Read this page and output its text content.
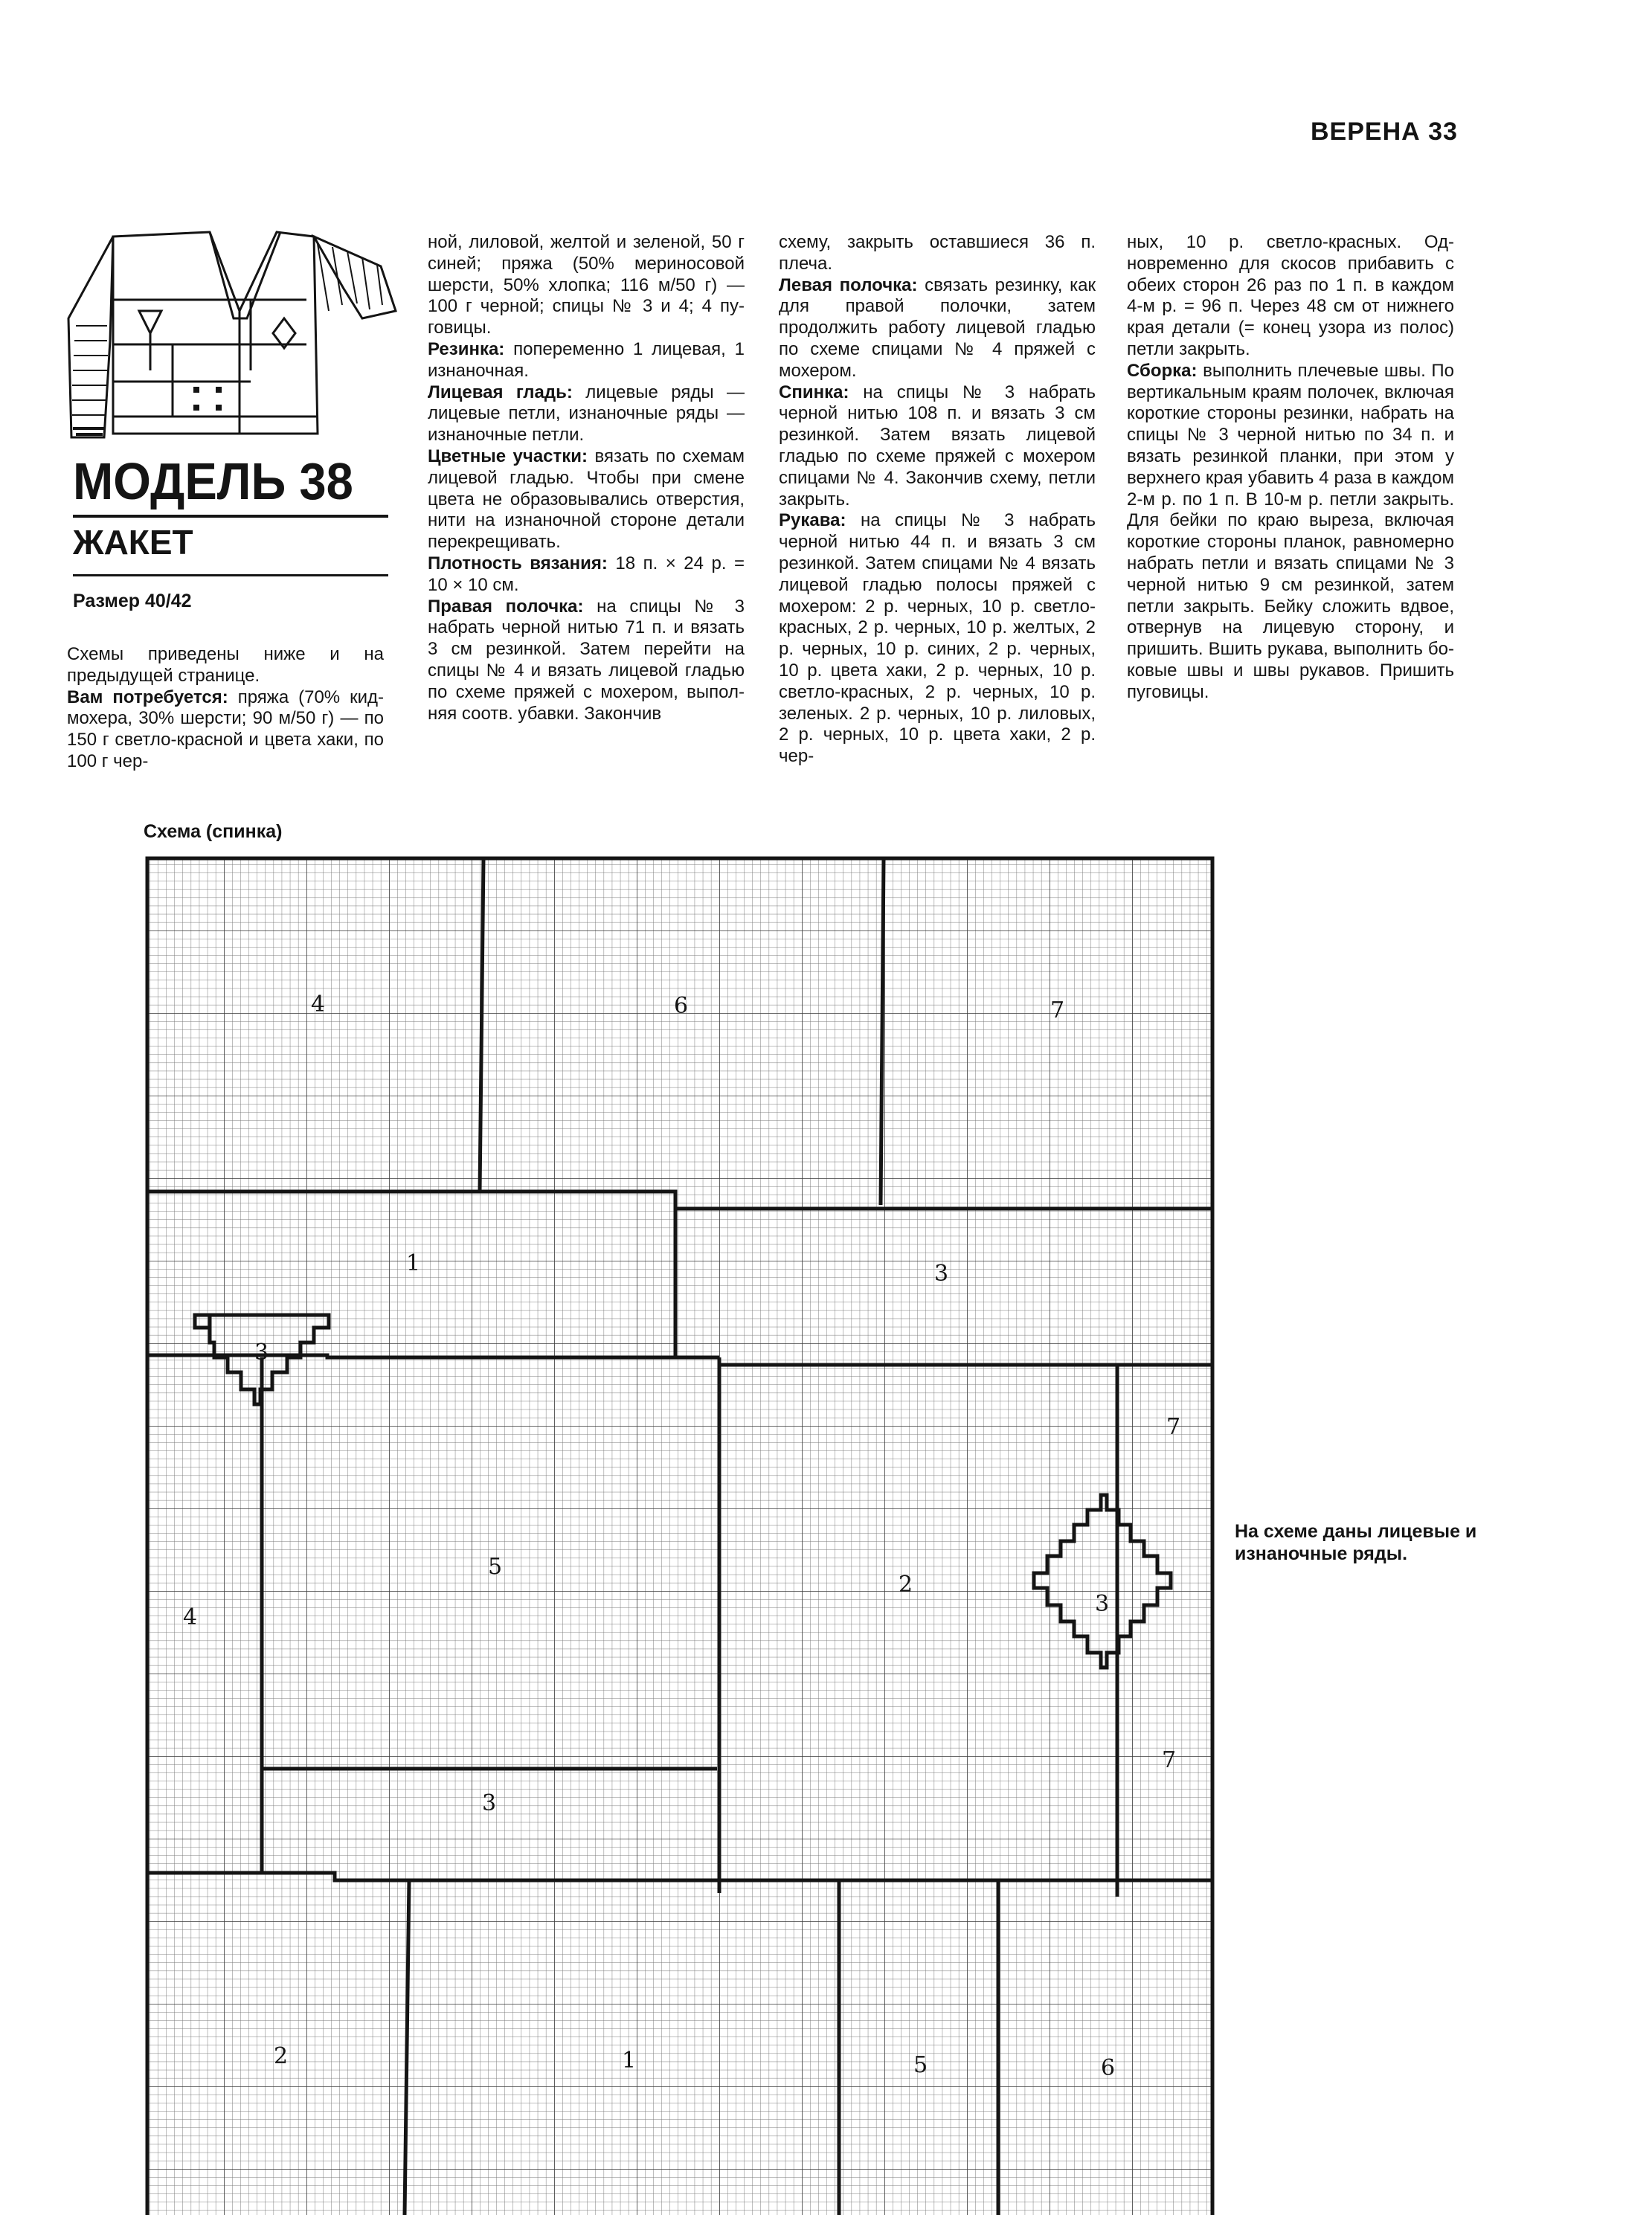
ВЕРЕНА 33
МОДЕЛЬ 38
ЖАКЕТ
Размер 40/42

Схемы приведены ниже и на предыдущей странице.

Вам потребуется: пряжа (70% кид-мохера, 30% шерсти; 90 м/50 г) — по 150 г светло-красной и цвета хаки, по 100 г чер-

ной, лиловой, желтой и зеленой, 50 г синей; пряжа (50% мериносовой шерсти, 50% хлопка; 116 м/50 г) — 100 г черной; спицы № 3 и 4; 4 пуговицы.

Резинка: попеременно 1 лицевая, 1 изнаночная.

Лицевая гладь: лицевые ряды — лицевые петли, изнаночные ряды — изнаночные петли.

Цветные участки: вязать по схемам лицевой гладью. Чтобы при смене цвета не образовывались отверстия, нити на изнаночной стороне детали перекрещивать.

Плотность вязания: 18 п. × 24 р. = 10 × 10 см.

Правая полочка: на спицы № 3 набрать черной нитью 71 п. и вязать 3 см резинкой. Затем перейти на спицы № 4 и вязать лицевой гладью по схеме пряжей с мохером, выполняя соотв. убавки. Закончив

схему, закрыть оставшиеся 36 п. плеча.

Левая полочка: связать резинку, как для правой полочки, затем продолжить работу лицевой гладью по схеме спицами № 4 пряжей с мохером.

Спинка: на спицы № 3 набрать черной нитью 108 п. и вязать 3 см резинкой. Затем вязать лицевой гладью по схеме пряжей с мохером спицами № 4. Закончив схему, петли закрыть.

Рукава: на спицы № 3 набрать черной нитью 44 п. и вязать 3 см резинкой. Затем спицами № 4 вязать лицевой гладью полосы пряжей с мохером: 2 р. черных, 10 р. светло-красных, 2 р. черных, 10 р. желтых, 2 р. черных, 10 р. синих, 2 р. черных, 10 р. цвета хаки, 2 р. черных, 10 р. светло-красных, 2 р. черных, 10 р. зеленых. 2 р. черных, 10 р. лиловых, 2 р. черных, 10 р. цвета хаки, 2 р. чер-

ных, 10 р. светло-красных. Одновременно для скосов прибавить с обеих сторон 26 раз по 1 п. в каждом 4-м р. = 96 п. Через 48 см от нижнего края детали (= конец узора из полос) петли закрыть.

Сборка: выполнить плечевые швы. По вертикальным краям полочек, включая короткие стороны резинки, набрать на спицы № 3 черной нитью по 34 п. и вязать резинкой планки, при этом у верхнего края убавить 4 раза в каждом 2-м р. по 1 п. В 10-м р. петли закрыть. Для бейки по краю выреза, включая короткие стороны планок, равномерно набрать петли и вязать спицами № 3 черной нитью 9 см резинкой, затем петли закрыть. Бейку сложить вдвое, отвернув на лицевую сторону, и пришить. Вшить рукава, выполнить боковые швы и швы рукавов. Пришить пуговицы.

Схема (спинка)
4	6	7
1	3
3
7
2
3
7
4
5
3
2	1	5	6
На схеме даны лицевые и изнаночные ряды.
